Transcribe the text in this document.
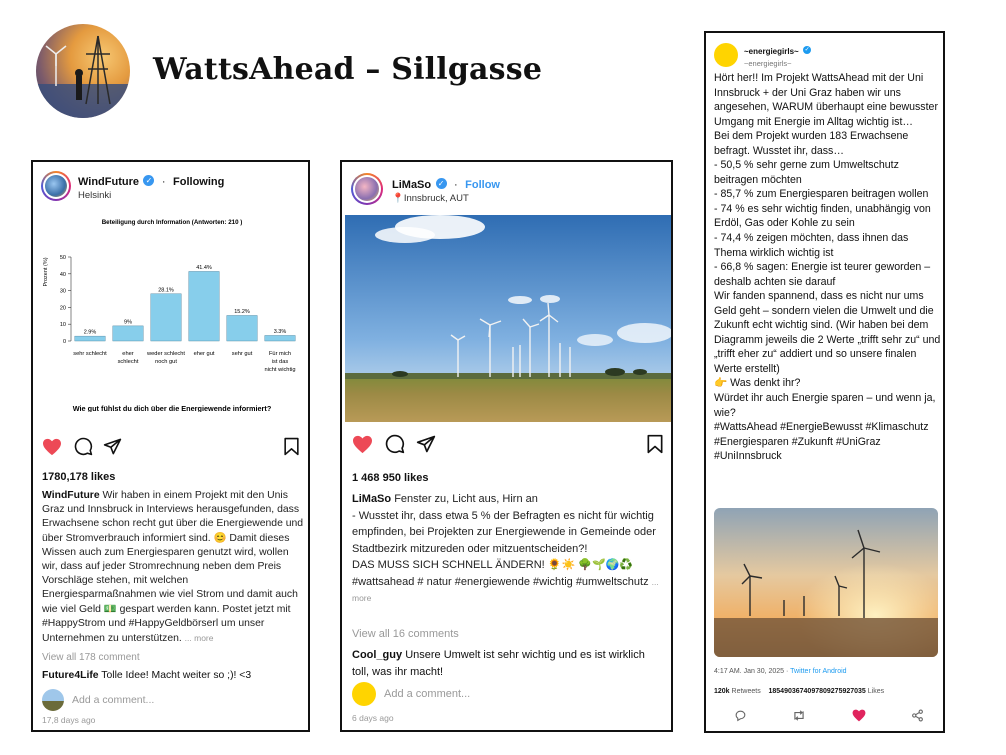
WattsAhead – Sillgasse
WindFuture ✓ · Following
Helsinki
Beteiligung durch Information (Antworten: 210 )
Prozent (%)
0
10
20
30
40
50
2.9%
sehr schlecht
9%
eher
schlecht
28.1%
weder schlecht
noch gut
41.4%
eher gut
15.2%
sehr gut
3.3%
Für mich
ist das
nicht wichtig
Wie gut fühlst du dich über die Energiewende informiert?
1780,178 likes
WindFuture Wir haben in einem Projekt mit den Unis Graz und Innsbruck in Interviews herausgefunden, dass Erwachsene schon recht gut über die Energiewende und über Stromverbrauch informiert sind. 😊 Damit dieses Wissen auch zum Energiesparen genutzt wird, wollen wir, dass auf jeder Stromrechnung neben dem Preis Vorschläge stehen, mit welchen Energiesparmaßnahmen wie viel Strom und damit auch wie viel Geld 💵 gespart werden kann. Postet jetzt mit #HappyStrom und #HappyGeldbörserl um unser Unternehmen zu unterstützen. ... more
View all 178 comment
Future4Life Tolle Idee! Macht weiter so ;)! <3
Add a comment...
17,8 days ago
LiMaSo ✓ · Follow
📍Innsbruck, AUT
1 468 950 likes
LiMaSo Fenster zu, Licht aus, Hirn an
- Wusstet ihr, dass etwa 5 % der Befragten es nicht für wichtig empfinden, bei Projekten zur Energiewende in Gemeinde oder Stadtbezirk mitzureden oder mitzuentscheiden?!
DAS MUSS SICH SCHNELL ÄNDERN! 🌻☀️ 🌳🌱🌍♻️
#wattsahead # natur #energiewende #wichtig #umweltschutz ... more
View all 16 comments
Cool_guy Unsere Umwelt ist sehr wichtig und es ist wirklich toll, was ihr macht!
Add a comment...
6 days ago
~energiegirls~ ✓
~energiegirls~
Hört her!! Im Projekt WattsAhead mit der Uni Innsbruck + der Uni Graz haben wir uns angesehen, WARUM überhaupt eine bewusster Umgang mit Energie im Alltag wichtig ist…
Bei dem Projekt wurden 183 Erwachsene befragt. Wusstet ihr, dass…
- 50,5 % sehr gerne zum Umweltschutz beitragen möchten
- 85,7 % zum Energiesparen beitragen wollen
- 74 % es sehr wichtig finden, unabhängig von Erdöl, Gas oder Kohle zu sein
- 74,4 % zeigen möchten, dass ihnen das Thema wirklich wichtig ist
- 66,8 % sagen: Energie ist teurer geworden – deshalb achten sie darauf
Wir fanden spannend, dass es nicht nur ums Geld geht – sondern vielen die Umwelt und die Zukunft echt wichtig sind. (Wir haben bei dem Diagramm jeweils die 2 Werte „trifft sehr zu“ und „trifft eher zu“ addiert und so unsere finalen Werte erstellt)
👉 Was denkt ihr?
Würdet ihr auch Energie sparen – und wenn ja, wie?
#WattsAhead #EnergieBewusst #Klimaschutz #Energiesparen #Zukunft #UniGraz #UniInnsbruck
4:17 AM. Jan 30, 2025 · Twitter for Android
120k Retweets 185490367409780927592703​5 Likes
